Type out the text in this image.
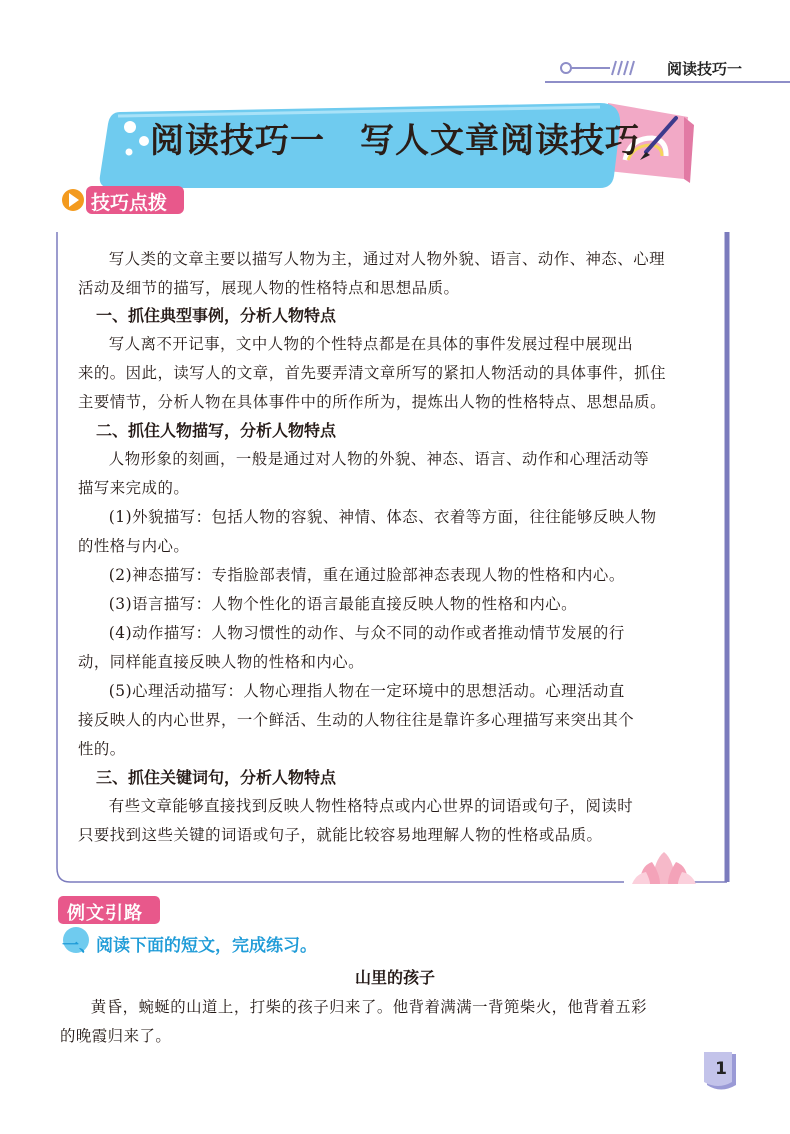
阅读技巧一
阅读技巧一　写人文章阅读技巧
技巧点拨
写人类的文章主要以描写人物为主，通过对人物外貌、语言、动作、神态、心理
活动及细节的描写，展现人物的性格特点和思想品质。
一、抓住典型事例，分析人物特点
写人离不开记事，文中人物的个性特点都是在具体的事件发展过程中展现出
来的。因此，读写人的文章，首先要弄清文章所写的紧扣人物活动的具体事件，抓住
主要情节，分析人物在具体事件中的所作所为，提炼出人物的性格特点、思想品质。
二、抓住人物描写，分析人物特点
人物形象的刻画，一般是通过对人物的外貌、神态、语言、动作和心理活动等
描写来完成的。
(1)外貌描写：包括人物的容貌、神情、体态、衣着等方面，往往能够反映人物
的性格与内心。
(2)神态描写：专指脸部表情，重在通过脸部神态表现人物的性格和内心。
(3)语言描写：人物个性化的语言最能直接反映人物的性格和内心。
(4)动作描写：人物习惯性的动作、与众不同的动作或者推动情节发展的行
动，同样能直接反映人物的性格和内心。
(5)心理活动描写：人物心理指人物在一定环境中的思想活动。心理活动直
接反映人的内心世界，一个鲜活、生动的人物往往是靠许多心理描写来突出其个
性的。
三、抓住关键词句，分析人物特点
有些文章能够直接找到反映人物性格特点或内心世界的词语或句子，阅读时
只要找到这些关键的词语或句子，就能比较容易地理解人物的性格或品质。
例文引路
一、阅读下面的短文，完成练习。
山里的孩子
黄昏，蜿蜒的山道上，打柴的孩子归来了。他背着满满一背篼柴火，他背着五彩
的晚霞归来了。
1
